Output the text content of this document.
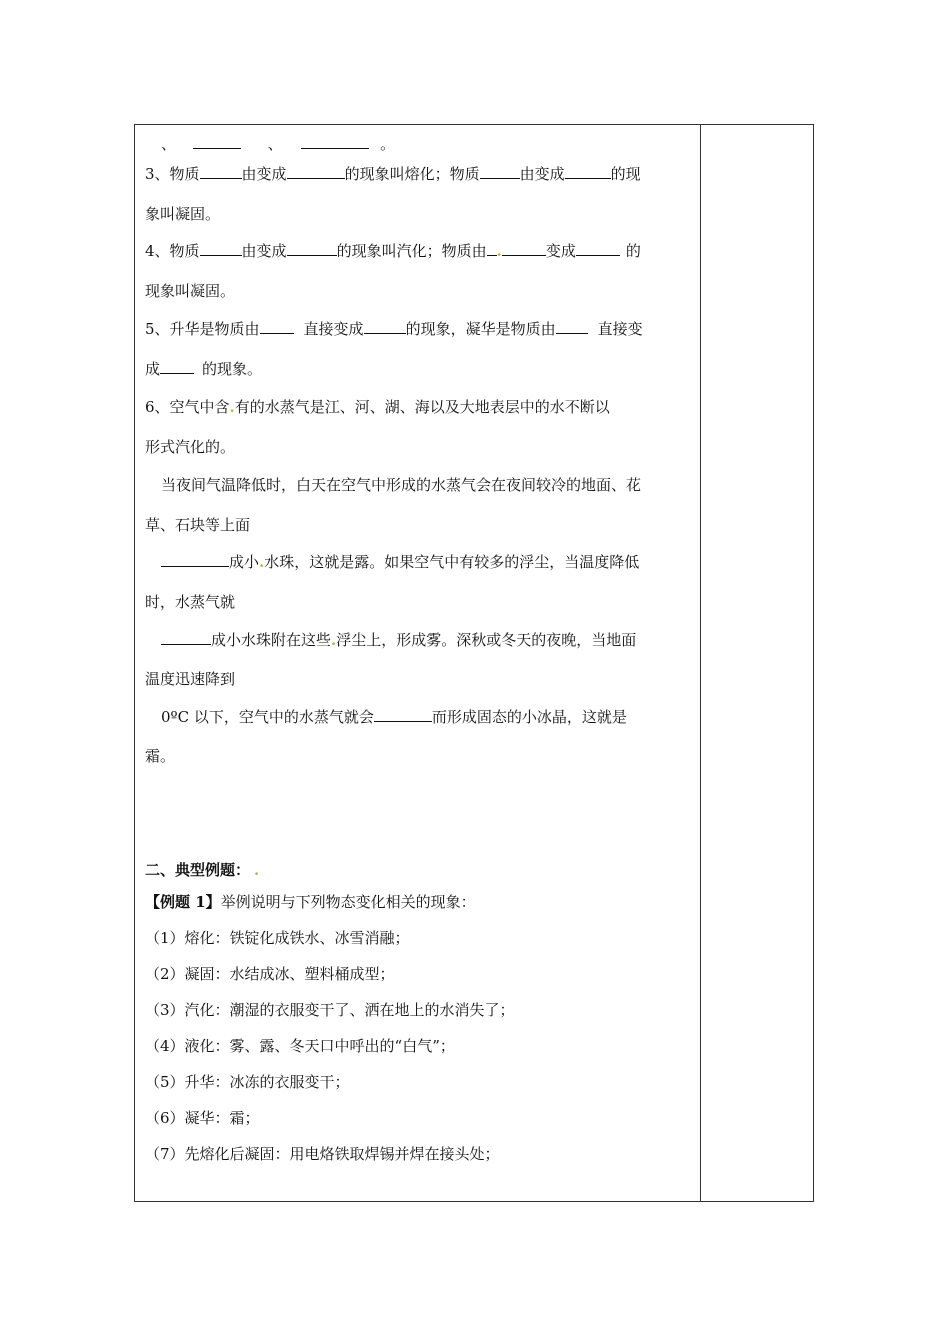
、	、	。
3、物质	由变成	的现象叫熔化；物质	由变成	的现
象叫凝固。
4、物质	由变成	的现象叫汽化；物质由 .	变成	的
现象叫凝固。
5、升华是物质由	直接变成	的现象，凝华是物质由	直接变
成	的现象。
6、空气中含.有的水蒸气是江、河、湖、海以及大地表层中的水不断以
形式汽化的。
当夜间气温降低时，白天在空气中形成的水蒸气会在夜间较冷的地面、花
草、石块等上面
成小.水珠，这就是露。如果空气中有较多的浮尘，当温度降低
时，水蒸气就
成小水珠附在这些.浮尘上，形成雾。深秋或冬天的夜晚，当地面
温度迅速降到
0ºC 以下，空气中的水蒸气就会	而形成固态的小冰晶，这就是
霜。
二、典型例题： .
【例题 1】举例说明与下列物态变化相关的现象：
（1）熔化：铁锭化成铁水、冰雪消融；
（2）凝固：水结成冰、塑料桶成型；
（3）汽化：潮湿的衣服变干了、洒在地上的水消失了；
（4）液化：雾、露、冬天口中呼出的“白气”；
（5）升华：冰冻的衣服变干；
（6）凝华：霜；
（7）先熔化后凝固：用电烙铁取焊锡并焊在接头处；
